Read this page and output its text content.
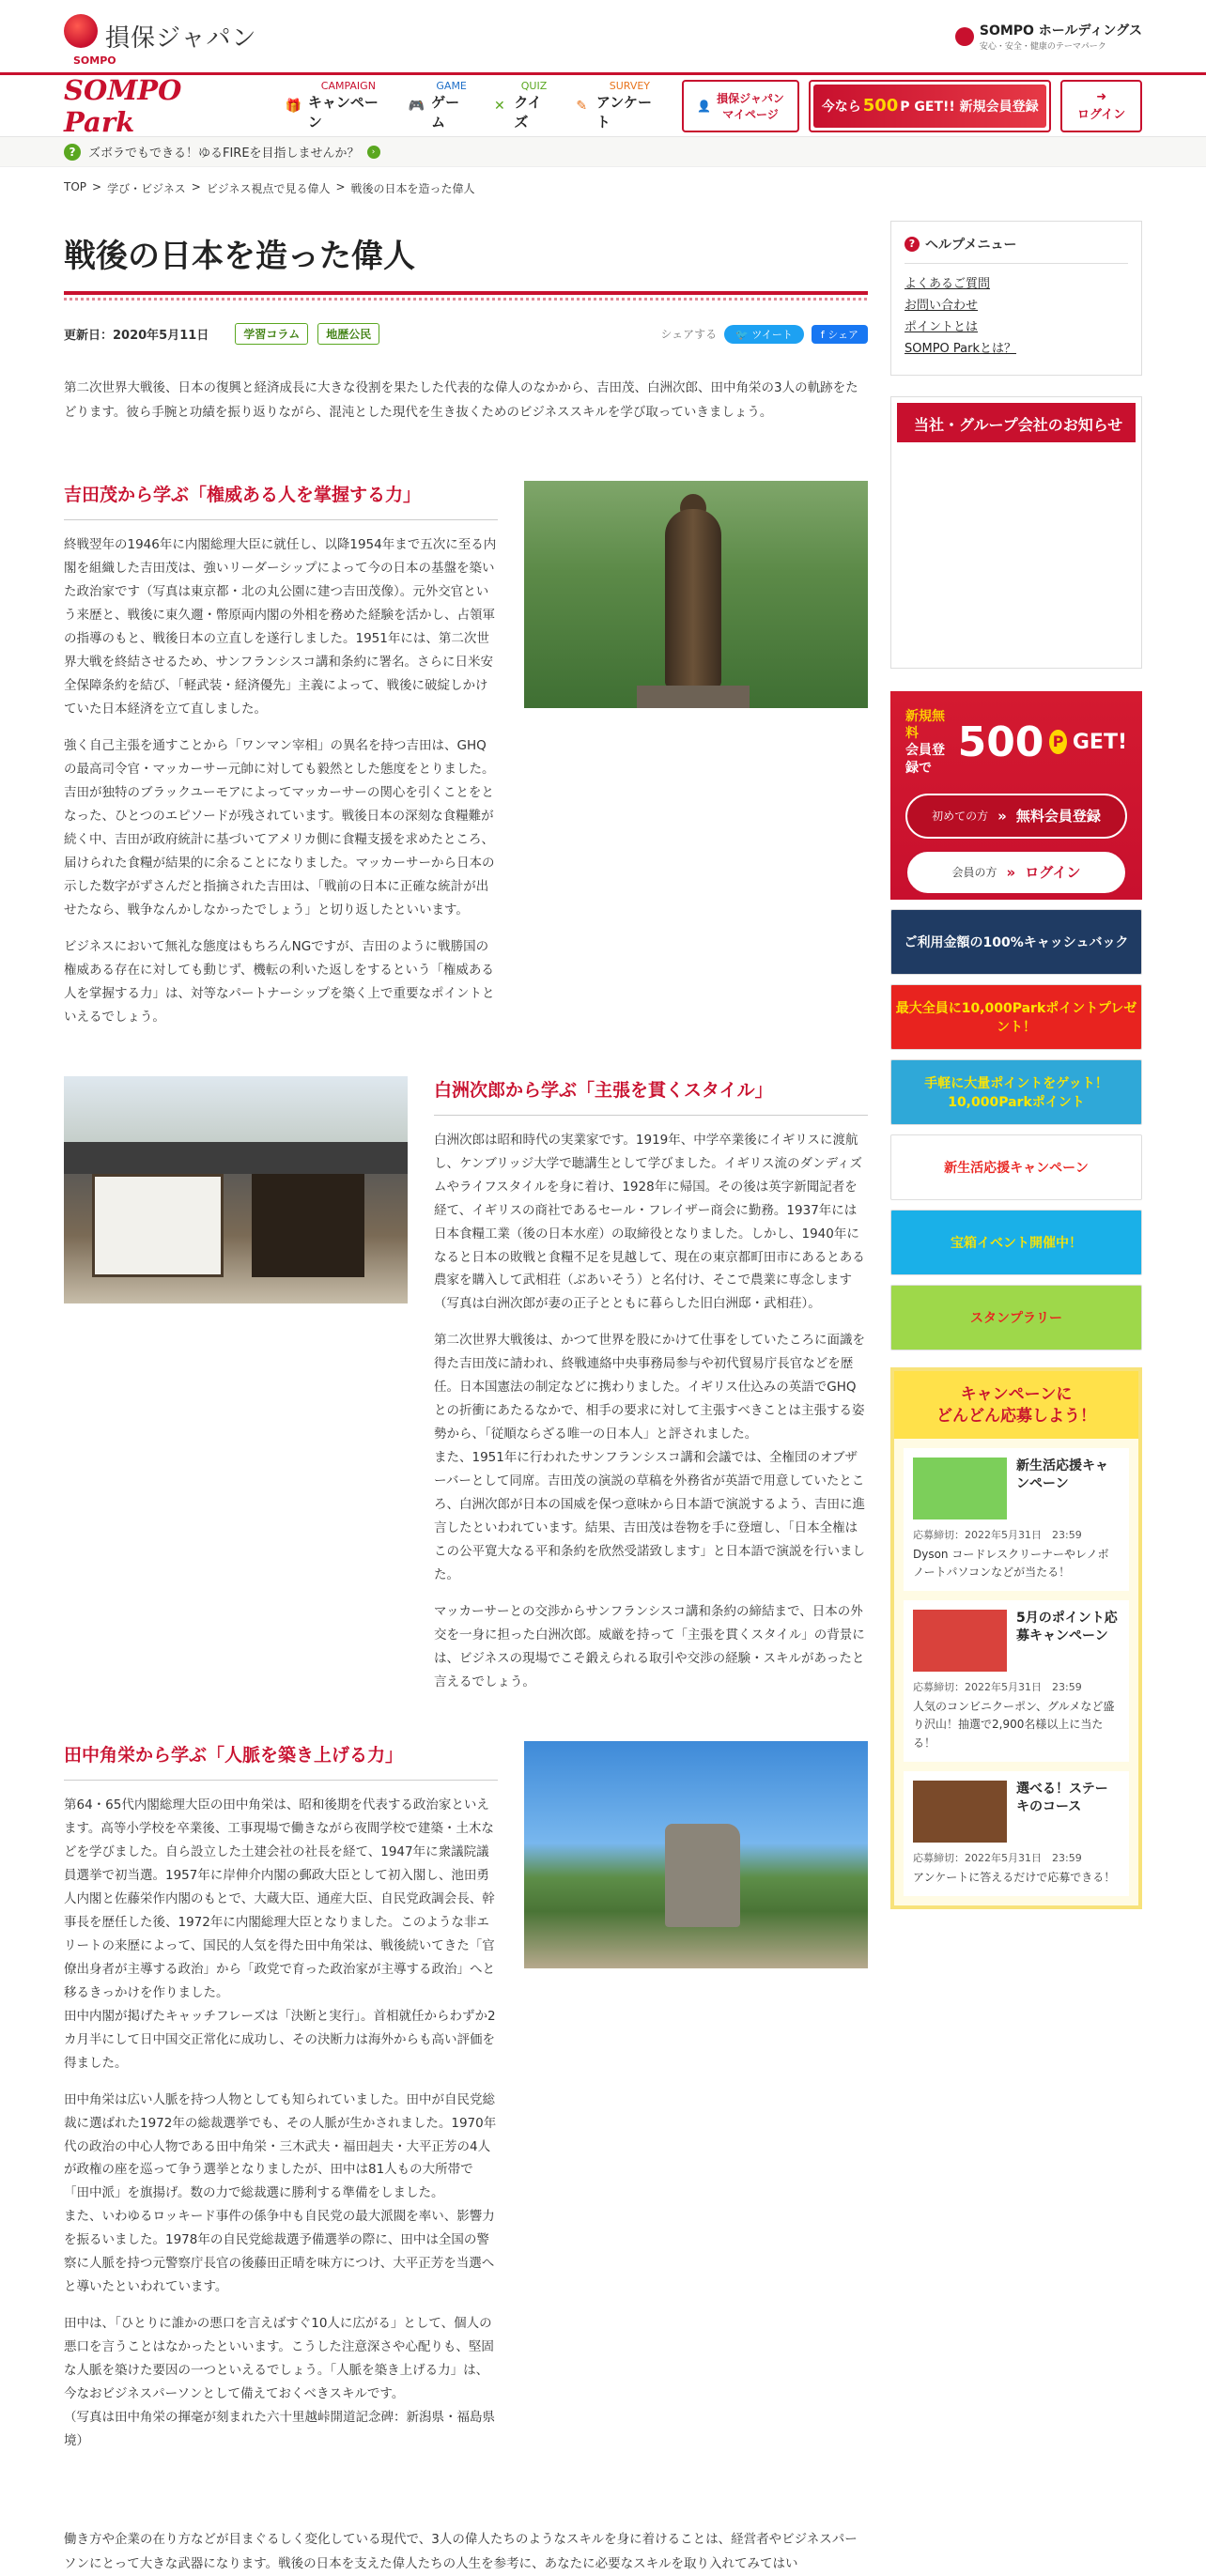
損保ジャパン
SOMPO
SOMPO ホールディングス
安心・安全・健康のテーマパーク
SOMPO Park	🎁
CAMPAIGN
キャンペーン
🎮
GAME
ゲーム
✕
QUIZ
クイズ
✎
SURVEY
アンケート
👤
損保ジャパン
マイページ	今なら 500 P GET!! 新規会員登録
➜
ログイン
?	ズボラでもできる！ゆるFIREを目指しませんか？	›
TOP > 学び・ビジネス > ビジネス視点で見る偉人 > 戦後の日本を造った偉人
戦後の日本を造った偉人
更新日：2020年5月11日	学習コラム	地歴公民	シェアする	🐦 ツイート	f シェア

第二次世界大戦後、日本の復興と経済成長に大きな役割を果たした代表的な偉人のなかから、吉田茂、白洲次郎、田中角栄の3人の軌跡をたどります。彼ら手腕と功績を振り返りながら、混沌とした現代を生き抜くためのビジネススキルを学び取っていきましょう。

吉田茂から学ぶ「権威ある人を掌握する力」

終戦翌年の1946年に内閣総理大臣に就任し、以降1954年まで五次に至る内閣を組織した吉田茂は、強いリーダーシップによって今の日本の基盤を築いた政治家です（写真は東京都・北の丸公園に建つ吉田茂像）。元外交官という来歴と、戦後に東久邇・幣原両内閣の外相を務めた経験を活かし、占領軍の指導のもと、戦後日本の立直しを遂行しました。1951年には、第二次世界大戦を終結させるため、サンフランシスコ講和条約に署名。さらに日米安全保障条約を結び、「軽武装・経済優先」主義によって、戦後に破綻しかけていた日本経済を立て直しました。

強く自己主張を通すことから「ワンマン宰相」の異名を持つ吉田は、GHQの最高司令官・マッカーサー元帥に対しても毅然とした態度をとりました。吉田が独特のブラックユーモアによってマッカーサーの関心を引くことをとなった、ひとつのエピソードが残されています。戦後日本の深刻な食糧難が続く中、吉田が政府統計に基づいてアメリカ側に食糧支援を求めたところ、届けられた食糧が結果的に余ることになりました。マッカーサーから日本の示した数字がずさんだと指摘された吉田は、「戦前の日本に正確な統計が出せたなら、戦争なんかしなかったでしょう」と切り返したといいます。

ビジネスにおいて無礼な態度はもちろんNGですが、吉田のように戦勝国の権威ある存在に対しても動じず、機転の利いた返しをするという「権威ある人を掌握する力」は、対等なパートナーシップを築く上で重要なポイントといえるでしょう。

白洲次郎から学ぶ「主張を貫くスタイル」

白洲次郎は昭和時代の実業家です。1919年、中学卒業後にイギリスに渡航し、ケンブリッジ大学で聴講生として学びました。イギリス流のダンディズムやライフスタイルを身に着け、1928年に帰国。その後は英字新聞記者を経て、イギリスの商社であるセール・フレイザー商会に勤務。1937年には日本食糧工業（後の日本水産）の取締役となりました。しかし、1940年になると日本の敗戦と食糧不足を見越して、現在の東京都町田市にあるとある農家を購入して武相荘（ぶあいそう）と名付け、そこで農業に専念します（写真は白洲次郎が妻の正子とともに暮らした旧白洲邸・武相荘）。

第二次世界大戦後は、かつて世界を股にかけて仕事をしていたころに面識を得た吉田茂に請われ、終戦連絡中央事務局参与や初代貿易庁長官などを歴任。日本国憲法の制定などに携わりました。イギリス仕込みの英語でGHQとの折衝にあたるなかで、相手の要求に対して主張すべきことは主張する姿勢から、「従順ならざる唯一の日本人」と評されました。
また、1951年に行われたサンフランシスコ講和会議では、全権団のオブザーバーとして同席。吉田茂の演説の草稿を外務省が英語で用意していたところ、白洲次郎が日本の国威を保つ意味から日本語で演説するよう、吉田に進言したといわれています。結果、吉田茂は巻物を手に登壇し、「日本全権はこの公平寛大なる平和条約を欣然受諾致します」と日本語で演説を行いました。

マッカーサーとの交渉からサンフランシスコ講和条約の締結まで、日本の外交を一身に担った白洲次郎。威厳を持って「主張を貫くスタイル」の背景には、ビジネスの現場でこそ鍛えられる取引や交渉の経験・スキルがあったと言えるでしょう。

田中角栄から学ぶ「人脈を築き上げる力」

第64・65代内閣総理大臣の田中角栄は、昭和後期を代表する政治家といえます。高等小学校を卒業後、工事現場で働きながら夜間学校で建築・土木などを学びました。自ら設立した土建会社の社長を経て、1947年に衆議院議員選挙で初当選。1957年に岸伸介内閣の郵政大臣として初入閣し、池田勇人内閣と佐藤栄作内閣のもとで、大蔵大臣、通産大臣、自民党政調会長、幹事長を歴任した後、1972年に内閣総理大臣となりました。このような非エリートの来歴によって、国民的人気を得た田中角栄は、戦後続いてきた「官僚出身者が主導する政治」から「政党で育った政治家が主導する政治」へと移るきっかけを作りました。
田中内閣が掲げたキャッチフレーズは「決断と実行」。首相就任からわずか2カ月半にして日中国交正常化に成功し、その決断力は海外からも高い評価を得ました。

田中角栄は広い人脈を持つ人物としても知られていました。田中が自民党総裁に選ばれた1972年の総裁選挙でも、その人脈が生かされました。1970年代の政治の中心人物である田中角栄・三木武夫・福田赳夫・大平正芳の4人が政権の座を巡って争う選挙となりましたが、田中は81人もの大所帯で「田中派」を旗揚げ。数の力で総裁選に勝利する準備をしました。
また、いわゆるロッキード事件の係争中も自民党の最大派閥を率い、影響力を振るいました。1978年の自民党総裁選予備選挙の際に、田中は全国の警察に人脈を持つ元警察庁長官の後藤田正晴を味方につけ、大平正芳を当選へと導いたといわれています。

田中は、「ひとりに誰かの悪口を言えばすぐ10人に広がる」として、個人の悪口を言うことはなかったといいます。こうした注意深さや心配りも、堅固な人脈を築けた要因の一つといえるでしょう。「人脈を築き上げる力」は、今なおビジネスパーソンとして備えておくべきスキルです。
（写真は田中角栄の揮毫が刻まれた六十里越峠開道記念碑：新潟県・福島県境）

働き方や企業の在り方などが目まぐるしく変化している現代で、3人の偉人たちのようなスキルを身に着けることは、経営者やビジネスパーソンにとって大きな武器になります。戦後の日本を支えた偉人たちの人生を参考に、あなたに必要なスキルを取り入れてみてはい

? ヘルプメニュー
よくあるご質問
お問い合わせ
ポイントとは
SOMPO Parkとは？
当社・グループ会社のお知らせ
新規無料
会員登録で
500 P GET!
初めての方 » 無料会員登録
会員の方 » ログイン
ご利用金額の100%キャッシュバック
最大全員に10,000Parkポイントプレゼント！
手軽に大量ポイントをゲット！10,000Parkポイント
新生活応援キャンペーン
宝箱イベント開催中！
スタンプラリー
キャンペーンに
どんどん応募しよう！
新生活応援キャンペーン
応募締切：2022年5月31日　23:59
Dyson コードレスクリーナーやレノボ ノートパソコンなどが当たる！
5月のポイント応募キャンペーン
応募締切：2022年5月31日　23:59
人気のコンビニクーポン、グルメなど盛り沢山！抽選で2,900名様以上に当たる！
選べる！ステーキのコース
応募締切：2022年5月31日　23:59
アンケートに答えるだけで応募できる！
